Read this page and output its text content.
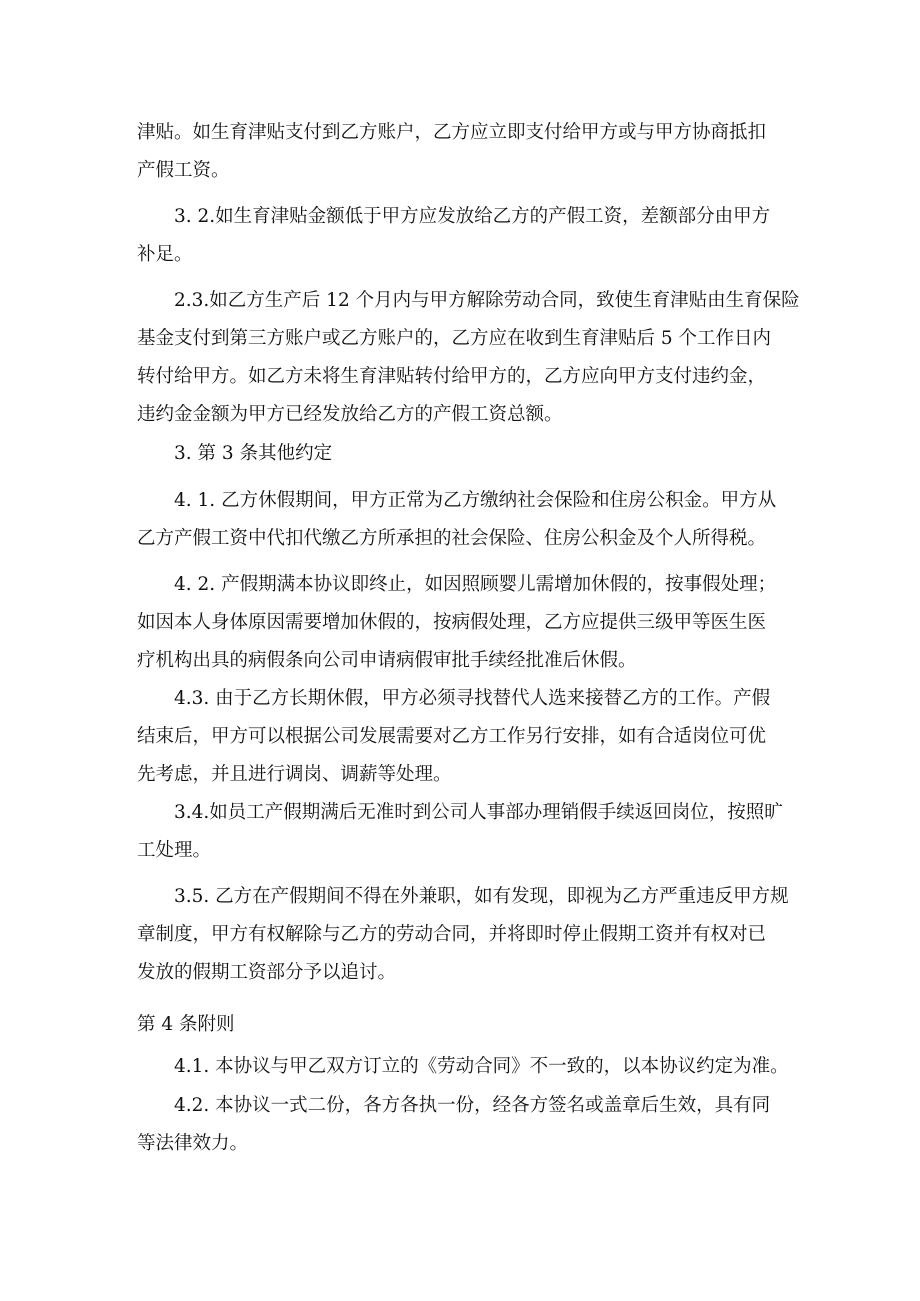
津贴。如生育津贴支付到乙方账户，乙方应立即支付给甲方或与甲方协商抵扣
产假工资。

3. 2.如生育津贴金额低于甲方应发放给乙方的产假工资，差额部分由甲方
补足。

2.3.如乙方生产后 12 个月内与甲方解除劳动合同，致使生育津贴由生育保险
基金支付到第三方账户或乙方账户的，乙方应在收到生育津贴后 5 个工作日内
转付给甲方。如乙方未将生育津贴转付给甲方的，乙方应向甲方支付违约金，
违约金金额为甲方已经发放给乙方的产假工资总额。

3. 第 3 条其他约定

4. 1. 乙方休假期间，甲方正常为乙方缴纳社会保险和住房公积金。甲方从
乙方产假工资中代扣代缴乙方所承担的社会保险、住房公积金及个人所得税。

4. 2. 产假期满本协议即终止，如因照顾婴儿需增加休假的，按事假处理；
如因本人身体原因需要增加休假的，按病假处理，乙方应提供三级甲等医生医
疗机构出具的病假条向公司申请病假审批手续经批准后休假。

4.3. 由于乙方长期休假，甲方必须寻找替代人选来接替乙方的工作。产假
结束后，甲方可以根据公司发展需要对乙方工作另行安排，如有合适岗位可优
先考虑，并且进行调岗、调薪等处理。

3.4.如员工产假期满后无准时到公司人事部办理销假手续返回岗位，按照旷
工处理。

3.5. 乙方在产假期间不得在外兼职，如有发现，即视为乙方严重违反甲方规
章制度，甲方有权解除与乙方的劳动合同，并将即时停止假期工资并有权对已
发放的假期工资部分予以追讨。

第 4 条附则

4.1. 本协议与甲乙双方订立的《劳动合同》不一致的，以本协议约定为准。

4.2. 本协议一式二份，各方各执一份，经各方签名或盖章后生效，具有同
等法律效力。
